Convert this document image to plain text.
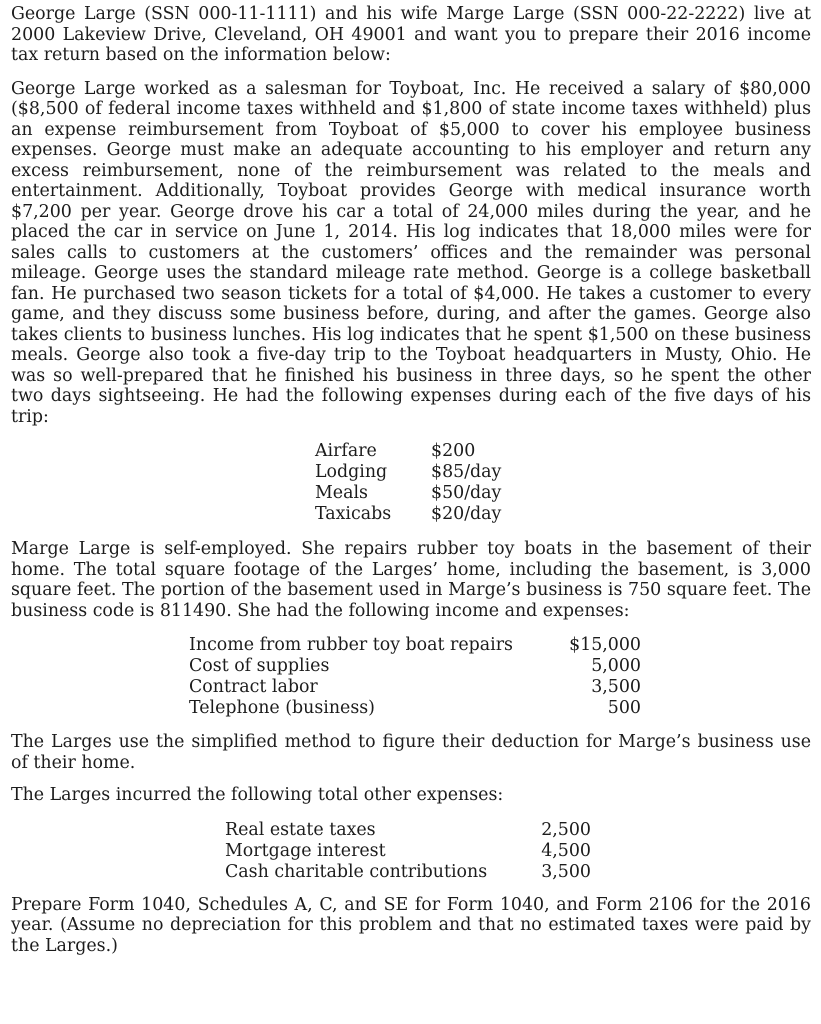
George Large (SSN 000-11-1111) and his wife Marge Large (SSN 000-22-2222) live at 2000 Lakeview Drive, Cleveland, OH 49001 and want you to prepare their 2016 income tax return based on the information below:

George Large worked as a salesman for Toyboat, Inc. He received a salary of $80,000 ($8,500 of federal income taxes withheld and $1,800 of state income taxes withheld) plus an expense reimbursement from Toyboat of $5,000 to cover his employee business expenses. George must make an adequate accounting to his employer and return any excess reimbursement, none of the reimbursement was related to the meals and entertainment. Additionally, Toyboat provides George with medical insurance worth $7,200 per year. George drove his car a total of 24,000 miles during the year, and he placed the car in service on June 1, 2014. His log indicates that 18,000 miles were for sales calls to customers at the customers’ offices and the remainder was personal mileage. George uses the standard mileage rate method. George is a college basketball fan. He purchased two season tickets for a total of $4,000. He takes a customer to every game, and they discuss some business before, during, and after the games. George also takes clients to business lunches. His log indicates that he spent $1,500 on these business meals. George also took a five-day trip to the Toyboat headquarters in Musty, Ohio. He was so well-prepared that he finished his business in three days, so he spent the other two days sightseeing. He had the following expenses during each of the five days of his trip:

Airfare	$200
Lodging	$85/day
Meals	$50/day
Taxicabs	$20/day

Marge Large is self-employed. She repairs rubber toy boats in the basement of their home. The total square footage of the Larges’ home, including the basement, is 3,000 square feet. The portion of the basement used in Marge’s business is 750 square feet. The business code is 811490. She had the following income and expenses:

Income from rubber toy boat repairs	$15,000
Cost of supplies	5,000
Contract labor	3,500
Telephone (business)	500

The Larges use the simplified method to figure their deduction for Marge’s business use of their home.

The Larges incurred the following total other expenses:

Real estate taxes	2,500
Mortgage interest	4,500
Cash charitable contributions	3,500

Prepare Form 1040, Schedules A, C, and SE for Form 1040, and Form 2106 for the 2016 year. (Assume no depreciation for this problem and that no estimated taxes were paid by the Larges.)
